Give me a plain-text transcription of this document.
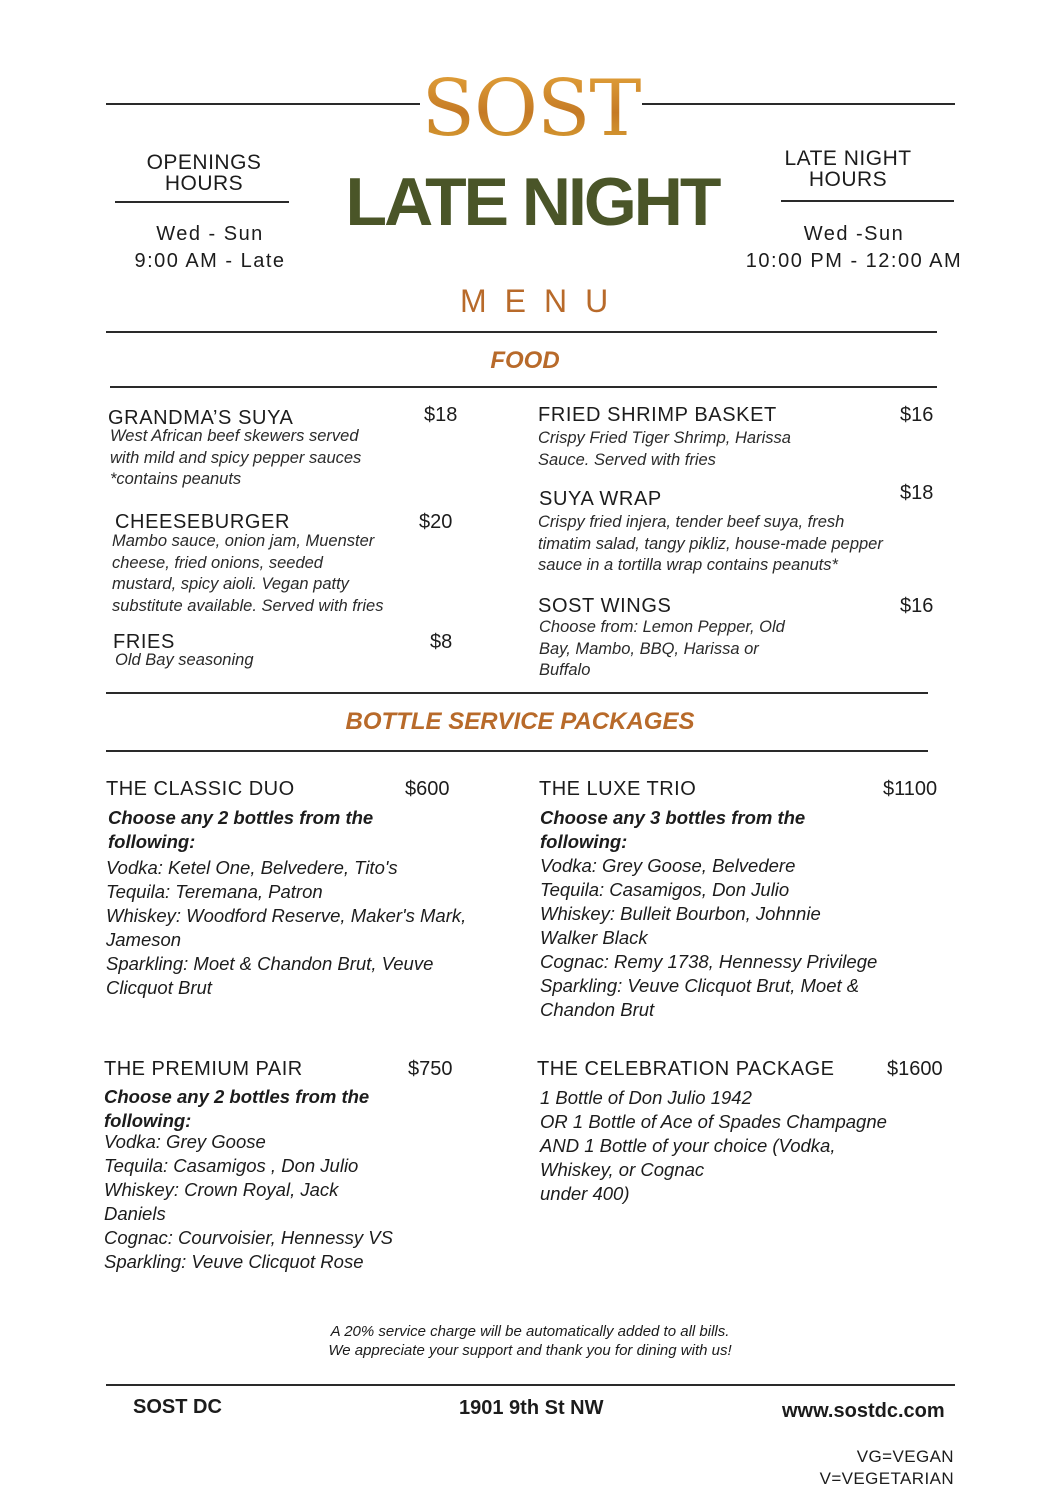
SOST
OPENINGS
HOURS
Wed - Sun
9:00 AM - Late
LATE NIGHT
LATE NIGHT
HOURS
Wed -Sun
10:00 PM - 12:00 AM
MENU
FOOD
GRANDMA’S SUYA	$18
West African beef skewers served
with mild and spicy pepper sauces
*contains peanuts
CHEESEBURGER	$20
Mambo sauce, onion jam, Muenster
cheese, fried onions, seeded
mustard, spicy aioli. Vegan patty
substitute available. Served with fries
FRIES	$8
Old Bay seasoning
FRIED SHRIMP BASKET	$16
Crispy Fried Tiger Shrimp, Harissa
Sauce. Served with fries
SUYA WRAP	$18
Crispy fried injera, tender beef suya, fresh
timatim salad, tangy pikliz, house-made pepper
sauce in a tortilla wrap contains peanuts*
SOST WINGS	$16
Choose from: Lemon Pepper, Old
Bay, Mambo, BBQ, Harissa or
Buffalo
BOTTLE SERVICE PACKAGES
THE CLASSIC DUO	$600
Choose any 2 bottles from the
following:
Vodka: Ketel One, Belvedere, Tito's
Tequila: Teremana, Patron
Whiskey: Woodford Reserve, Maker's Mark,
Jameson
Sparkling: Moet & Chandon Brut, Veuve
Clicquot Brut
THE LUXE TRIO	$1100
Choose any 3 bottles from the
following:
Vodka: Grey Goose, Belvedere
Tequila: Casamigos, Don Julio
Whiskey: Bulleit Bourbon, Johnnie
Walker Black
Cognac: Remy 1738, Hennessy Privilege
Sparkling: Veuve Clicquot Brut, Moet &
Chandon Brut
THE PREMIUM PAIR	$750
Choose any 2 bottles from the
following:
Vodka: Grey Goose
Tequila: Casamigos , Don Julio
Whiskey: Crown Royal, Jack
Daniels
Cognac: Courvoisier, Hennessy VS
Sparkling: Veuve Clicquot Rose
THE CELEBRATION PACKAGE	$1600
1 Bottle of Don Julio 1942
OR 1 Bottle of Ace of Spades Champagne
AND 1 Bottle of your choice (Vodka,
Whiskey, or Cognac
under 400)
A 20% service charge will be automatically added to all bills.
We appreciate your support and thank you for dining with us!
SOST DC	1901 9th St NW	www.sostdc.com
VG=VEGAN
V=VEGETARIAN
